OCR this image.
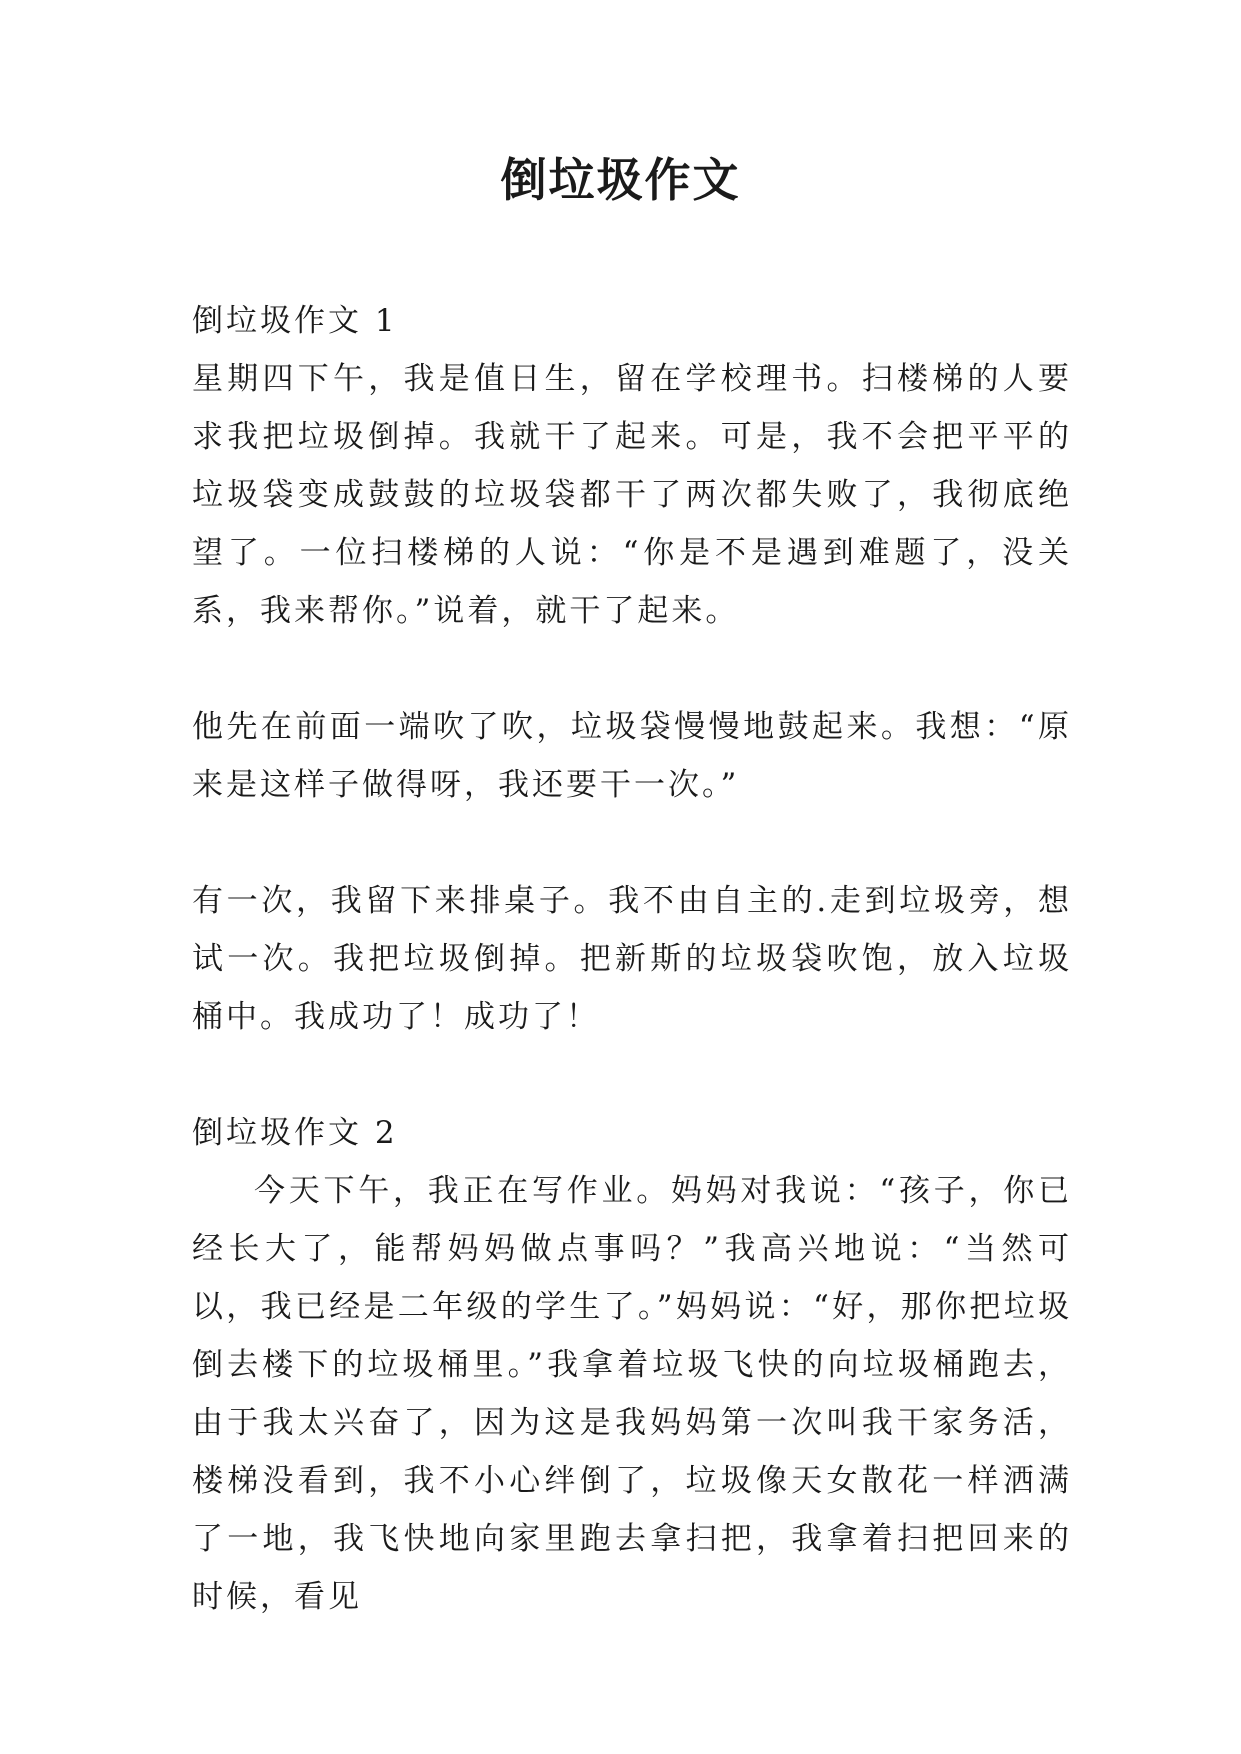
倒垃圾作文
倒垃圾作文 1

星期四下午，我是值日生，留在学校理书。扫楼梯的人要求我把垃圾倒掉。我就干了起来。可是，我不会把平平的垃圾袋变成鼓鼓的垃圾袋都干了两次都失败了，我彻底绝望了。一位扫楼梯的人说：“你是不是遇到难题了，没关系，我来帮你。”说着，就干了起来。

他先在前面一端吹了吹，垃圾袋慢慢地鼓起来。我想：“原来是这样子做得呀，我还要干一次。”

有一次，我留下来排桌子。我不由自主的.走到垃圾旁，想试一次。我把垃圾倒掉。把新斯的垃圾袋吹饱，放入垃圾桶中。我成功了！成功了！

倒垃圾作文 2

今天下午，我正在写作业。妈妈对我说：“孩子，你已经长大了，能帮妈妈做点事吗？”我高兴地说：“当然可以，我已经是二年级的学生了。”妈妈说：“好，那你把垃圾倒去楼下的垃圾桶里。”我拿着垃圾飞快的向垃圾桶跑去，由于我太兴奋了，因为这是我妈妈第一次叫我干家务活，楼梯没看到，我不小心绊倒了，垃圾像天女散花一样洒满了一地，我飞快地向家里跑去拿扫把，我拿着扫把回来的时候，看见
